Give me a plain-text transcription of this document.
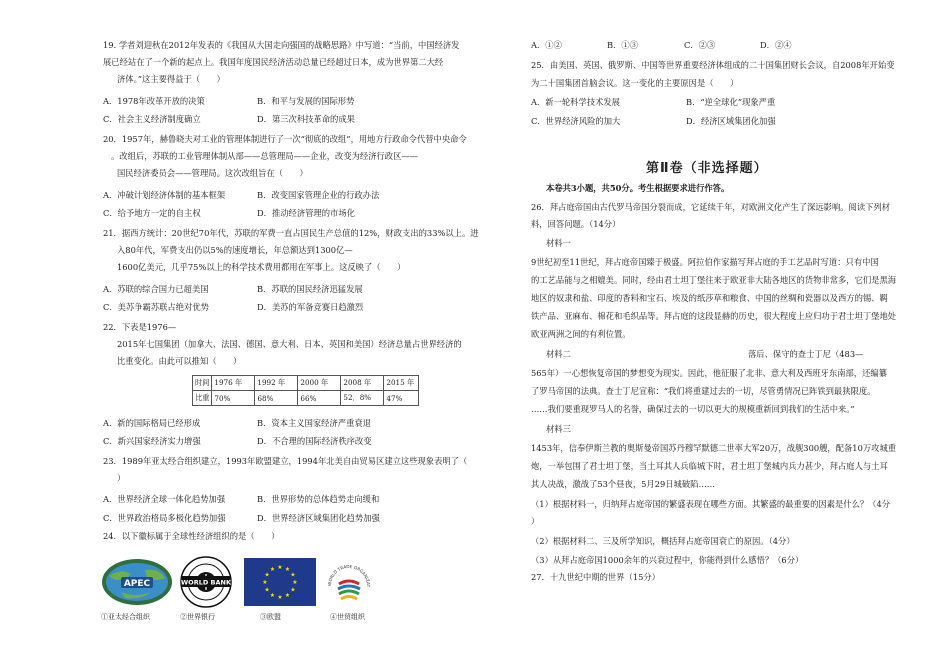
19. 学者刘迎秋在2012年发表的《我国从大国走向强国的战略思路》中写道：“当前，中国经济发
展已经站在了一个新的起点上。我国年度国民经济活动总量已经超过日本，成为世界第二大经
济体。”这主要得益于（　　）
A．1978年改革开放的决策	B．和平与发展的国际形势
C．社会主义经济制度确立	D．第三次科技革命的成果
20．1957年，赫鲁晓夫对工业的管理体制进行了一次“彻底的改组”，用地方行政命令代替中央命令
。改组后，苏联的工业管理体制从部——总管理局——企业，改变为经济行政区——
国民经济委员会——管理局。这次改组旨在（　　）
A．冲破计划经济体制的基本框架	B．改变国家管理企业的行政办法
C．给予地方一定的自主权	D．推动经济管理的市场化
21．据西方统计：20世纪70年代，苏联的军费一直占国民生产总值的12%，财政支出的33%以上。进
入80年代，军费支出仍以5%的速度增长，年总额达到1300亿—
1600亿美元，几乎75%以上的科学技术费用都用在军事上。这反映了（　　）
A．苏联的综合国力已超美国	B．苏联的国民经济迅猛发展
C．美苏争霸苏联占绝对优势	D．美苏的军备竞赛日趋激烈
22．下表是1976—
2015年七国集团（加拿大、法国、德国、意大利、日本、英国和美国）经济总量占世界经济的
比重变化。由此可以推知（　　）
时间	1976 年	1992 年	2000 年	2008 年	2015 年
比重	70%	68%	66%	52．8%	47%
A．新的国际格局已经形成	B．资本主义国家经济严重衰退
C．新兴国家经济实力增强	D．不合理的国际经济秩序改变
23．1989年亚太经合组织建立，1993年欧盟建立，1994年北美自由贸易区建立这些现象表明了（
）
A．世界经济全球一体化趋势加强	B．世界形势的总体趋势走向缓和
C．世界政治格局多极化趋势加强	D．世界经济区域集团化趋势加强
24．以下徽标属于全球性经济组织的是（　　）
APEC
①亚太经合组织
WORLD BANK
②世界银行
★ ★
★
★
★
★
★
★
★
★
★
★
③欧盟
WORLD TRADE ORGANIZAT
④世贸组织
A．①②	B．①③	C．②③	D．②④
25．由美国、英国、俄罗斯、中国等世界重要经济体组成的二十国集团财长会议，自2008年开始变
为二十国集团首脑会议。这一变化的主要原因是（　　）
A．新一轮科学技术发展	B．“逆全球化”现象严重
C．世界经济风险的加大	D．经济区域集团化加强
第Ⅱ卷（非选择题）
本卷共3小题，共50分。考生根据要求进行作答。
26．拜占庭帝国由古代罗马帝国分裂而成，它延续千年，对欧洲文化产生了深远影响。阅读下列材
料，回答问题。（14分）
材料一
9世纪初至11世纪，拜占庭帝国臻于极盛。阿拉伯作家描写拜占庭的手工艺品时写道：只有中国
的工艺品能与之相媲美。同时，经由君士坦丁堡往来于欧亚非大陆各地区的货物非常多，它们是黑海
地区的奴隶和盐、印度的香料和宝石、埃及的纸莎草和粮食、中国的丝绸和瓷器以及西方的锡、羁
铁产品、亚麻布、棉花和毛织品等。拜占庭的这段显赫的历史，很大程度上应归功于君士坦丁堡地处
欧亚两洲之间的有利位置。
材料二	落后、保守的查士丁尼（483—
565年）一心想恢复帝国的梦想变为现实。因此，他征服了北非、意大利及西班牙东南部，还编纂
了罗马帝国的法典。查士丁尼宣称：“我们将重建过去的一切，尽管勇情况已阵铁到最狭限度。
……我们要重现罗马人的名誉，确保过去的一切以更大的规模重新回到我们的生活中来。”
材料三
1453年，信奉伊斯兰教的奥斯曼帝国苏丹穆罕默德二世率大军20万，战舰300艘，配备10万攻城重
炮，一举包围了君士坦丁堡，当土耳其人兵临城下时，君士坦丁堡城内兵力甚少，拜占庭人与土耳
其人决战，激战了53个昼夜，5月29日城破陷……
（1）根据材料一，归纳拜占庭帝国的繁盛表现在哪些方面。其繁盛的最重要的因素是什么？（4分
）
（2）根据材料二、三及所学知识，概括拜占庭帝国衰亡的原因。（4分）
（3）从拜占庭帝国1000余年的兴衰过程中，你能得到什么感悟？（6分）
27．十九世纪中期的世界（15分）
